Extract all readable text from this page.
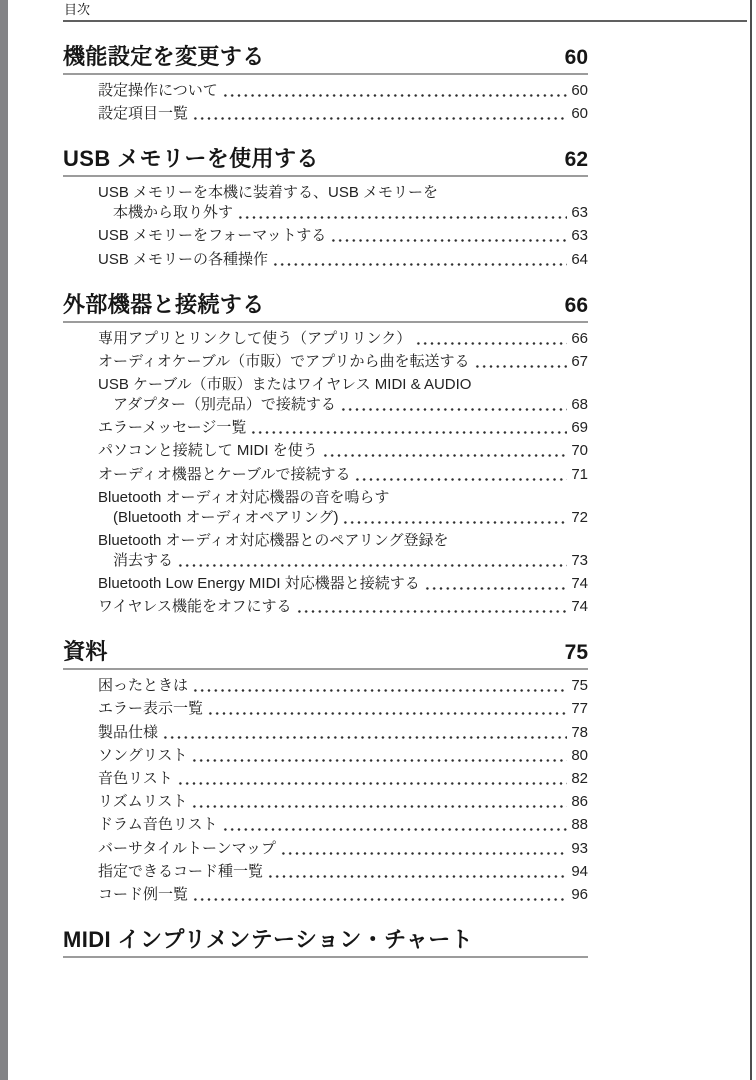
目次
機能設定を変更する	60
設定操作について	60
設定項目一覧	60
USB メモリーを使用する	62
USB メモリーを本機に装着する、USB メモリーを
本機から取り外す	63
USB メモリーをフォーマットする	63
USB メモリーの各種操作	64
外部機器と接続する	66
専用アプリとリンクして使う（アプリリンク）	66
オーディオケーブル（市販）でアプリから曲を転送する	67
USB ケーブル（市販）またはワイヤレス MIDI & AUDIO
アダプター（別売品）で接続する	68
エラーメッセージ一覧	69
パソコンと接続して MIDI を使う	70
オーディオ機器とケーブルで接続する	71
Bluetooth オーディオ対応機器の音を鳴らす
(Bluetooth オーディオペアリング)	72
Bluetooth オーディオ対応機器とのペアリング登録を
消去する	73
Bluetooth Low Energy MIDI 対応機器と接続する	74
ワイヤレス機能をオフにする	74
資料	75
困ったときは	75
エラー表示一覧	77
製品仕様	78
ソングリスト	80
音色リスト	82
リズムリスト	86
ドラム音色リスト	88
バーサタイルトーンマップ	93
指定できるコード種一覧	94
コード例一覧	96
MIDI インプリメンテーション・チャート
